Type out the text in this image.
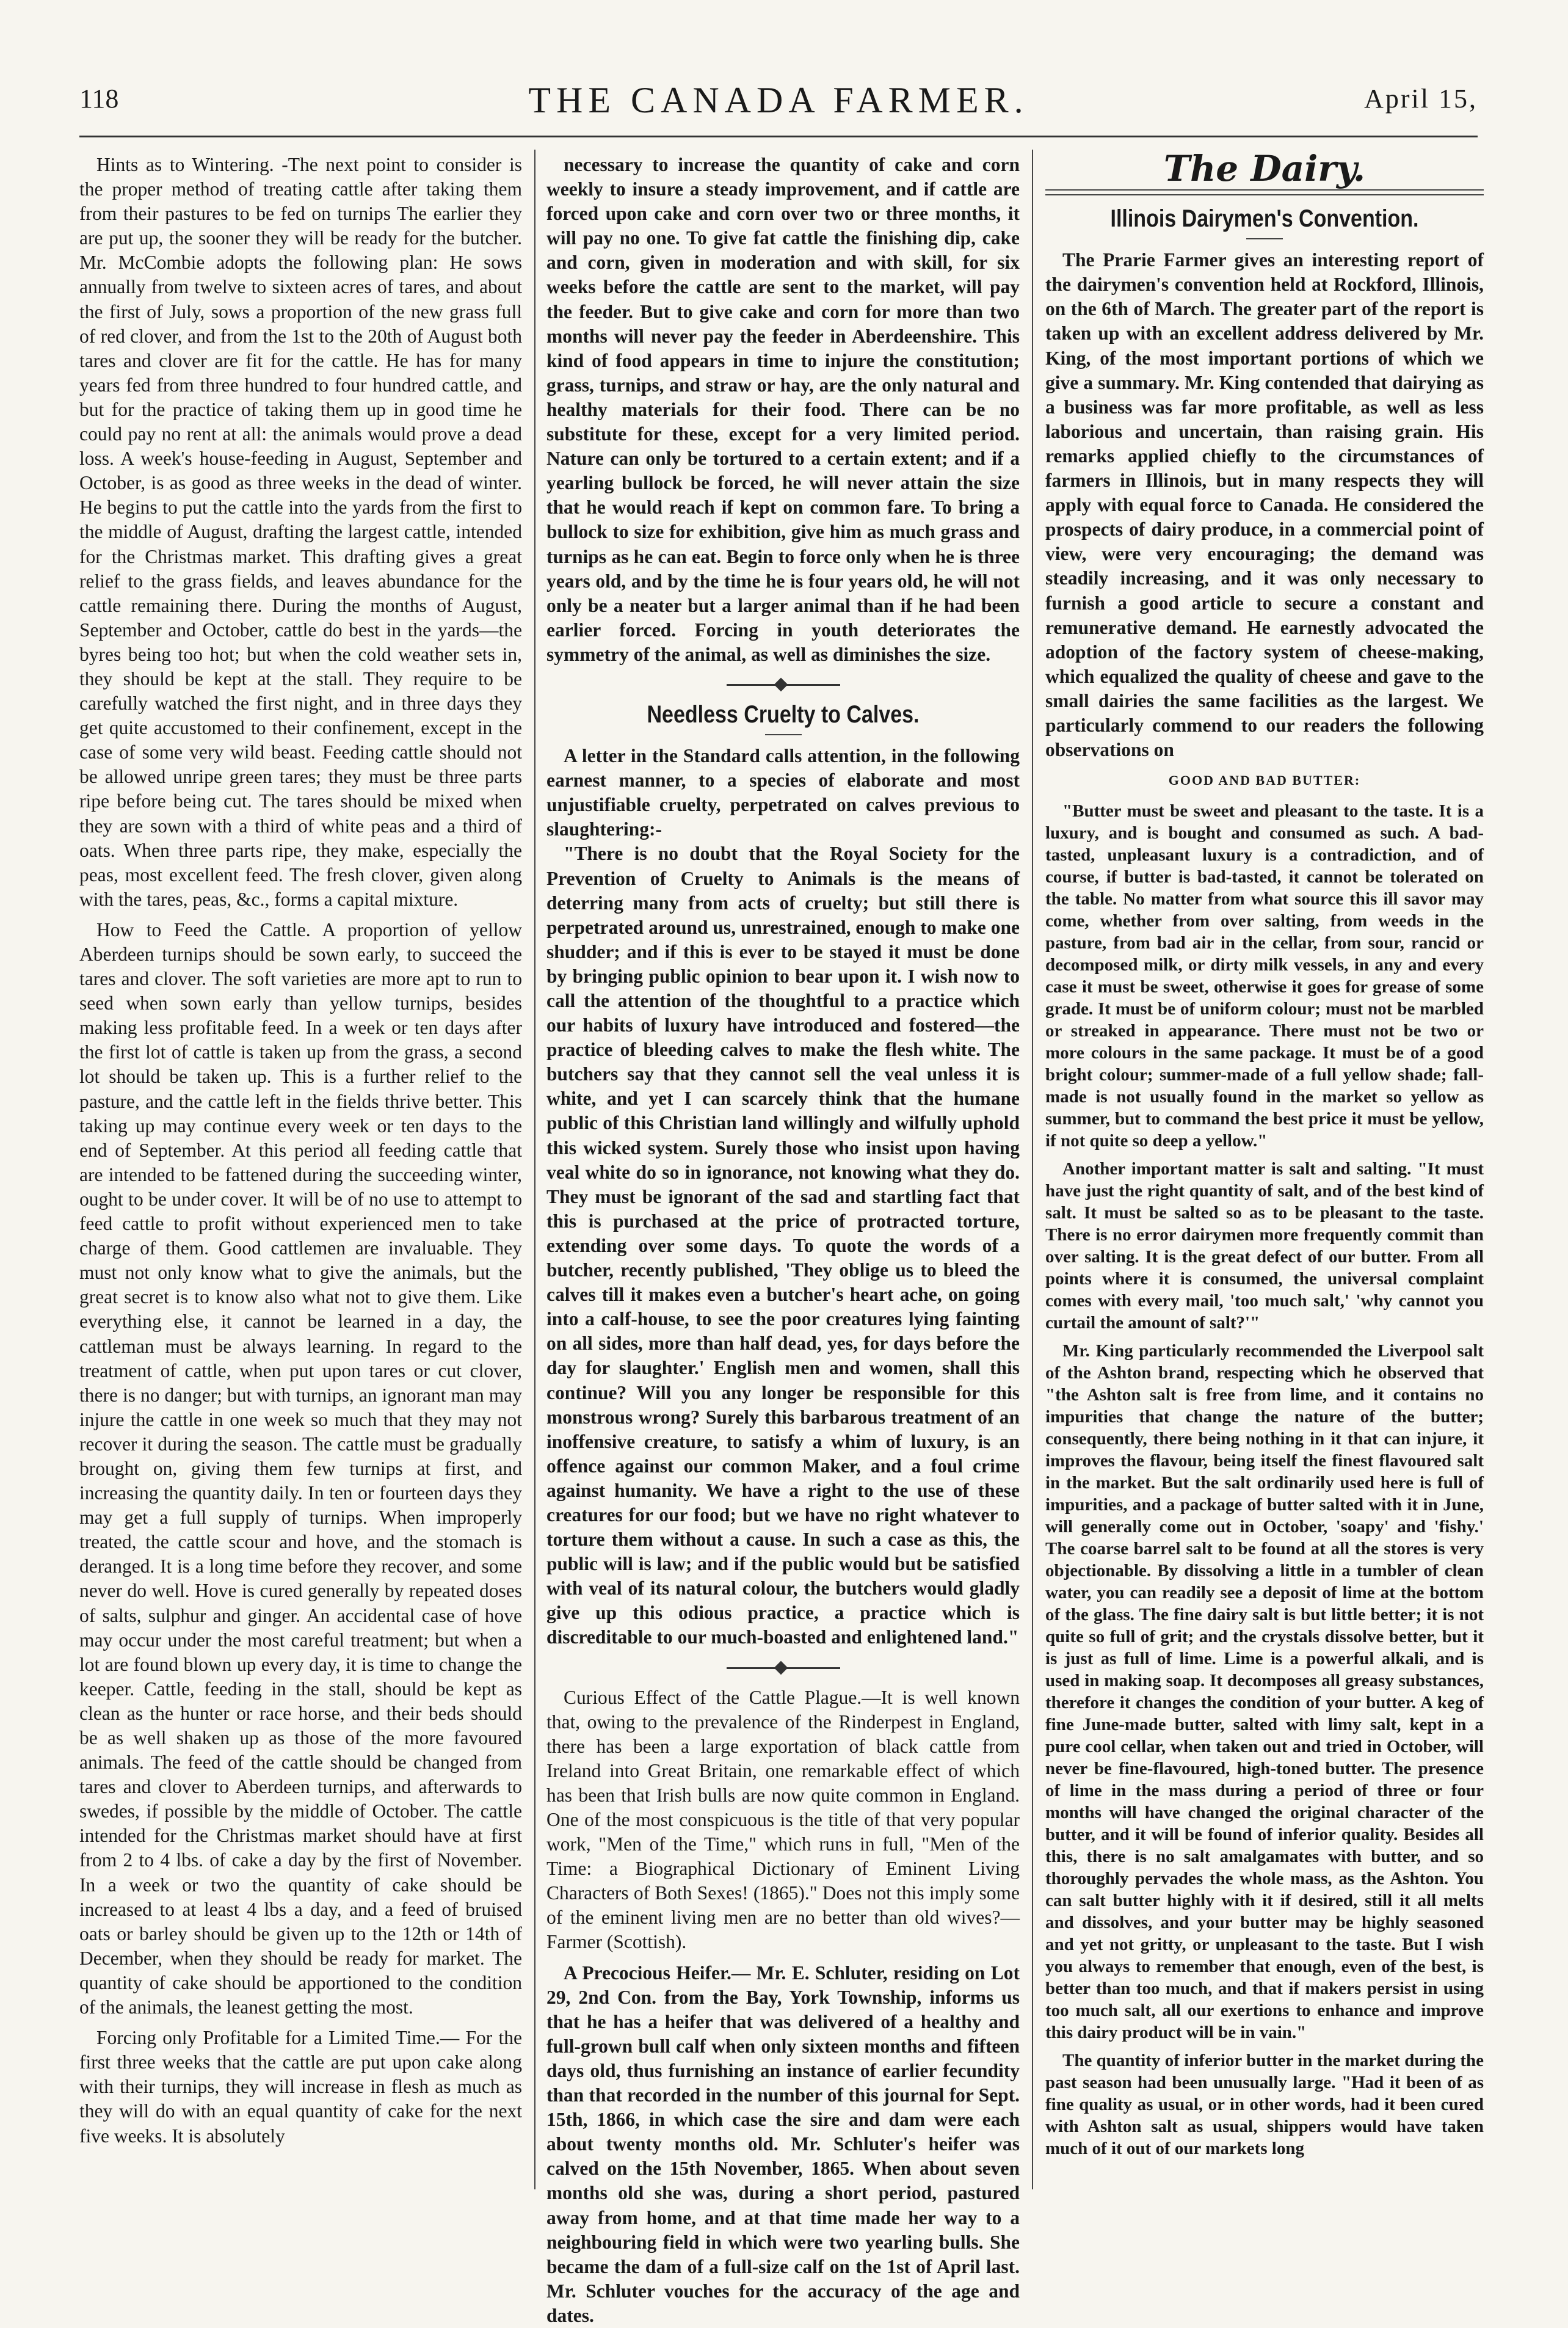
118	THE CANADA FARMER.	April 15,

Hints as to Wintering. -The next point to consider is the proper method of treating cattle after taking them from their pastures to be fed on turnips The earlier they are put up, the sooner they will be ready for the butcher. Mr. McCombie adopts the following plan: He sows annually from twelve to sixteen acres of tares, and about the first of July, sows a proportion of the new grass full of red clover, and from the 1st to the 20th of August both tares and clover are fit for the cattle. He has for many years fed from three hundred to four hundred cattle, and but for the practice of taking them up in good time he could pay no rent at all: the animals would prove a dead loss. A week's house-feeding in August, September and October, is as good as three weeks in the dead of winter. He begins to put the cattle into the yards from the first to the middle of August, drafting the largest cattle, intended for the Christmas market. This drafting gives a great relief to the grass fields, and leaves abundance for the cattle remaining there. During the months of August, September and October, cattle do best in the yards—the byres being too hot; but when the cold weather sets in, they should be kept at the stall. They require to be carefully watched the first night, and in three days they get quite accustomed to their confinement, except in the case of some very wild beast. Feeding cattle should not be allowed unripe green tares; they must be three parts ripe before being cut. The tares should be mixed when they are sown with a third of white peas and a third of oats. When three parts ripe, they make, especially the peas, most excellent feed. The fresh clover, given along with the tares, peas, &c., forms a capital mixture.

How to Feed the Cattle. A proportion of yellow Aberdeen turnips should be sown early, to succeed the tares and clover. The soft varieties are more apt to run to seed when sown early than yellow turnips, besides making less profitable feed. In a week or ten days after the first lot of cattle is taken up from the grass, a second lot should be taken up. This is a further relief to the pasture, and the cattle left in the fields thrive better. This taking up may continue every week or ten days to the end of September. At this period all feeding cattle that are intended to be fattened during the succeeding winter, ought to be under cover. It will be of no use to attempt to feed cattle to profit without experienced men to take charge of them. Good cattlemen are invaluable. They must not only know what to give the animals, but the great secret is to know also what not to give them. Like everything else, it cannot be learned in a day, the cattleman must be always learning. In regard to the treatment of cattle, when put upon tares or cut clover, there is no danger; but with turnips, an ignorant man may injure the cattle in one week so much that they may not recover it during the season. The cattle must be gradually brought on, giving them few turnips at first, and increasing the quantity daily. In ten or fourteen days they may get a full supply of turnips. When improperly treated, the cattle scour and hove, and the stomach is deranged. It is a long time before they recover, and some never do well. Hove is cured generally by repeated doses of salts, sulphur and ginger. An accidental case of hove may occur under the most careful treatment; but when a lot are found blown up every day, it is time to change the keeper. Cattle, feeding in the stall, should be kept as clean as the hunter or race horse, and their beds should be as well shaken up as those of the more favoured animals. The feed of the cattle should be changed from tares and clover to Aberdeen turnips, and afterwards to swedes, if possible by the middle of October. The cattle intended for the Christmas market should have at first from 2 to 4 lbs. of cake a day by the first of November. In a week or two the quantity of cake should be increased to at least 4 lbs a day, and a feed of bruised oats or barley should be given up to the 12th or 14th of December, when they should be ready for market. The quantity of cake should be apportioned to the condition of the animals, the leanest getting the most.

Forcing only Profitable for a Limited Time.— For the first three weeks that the cattle are put upon cake along with their turnips, they will increase in flesh as much as they will do with an equal quantity of cake for the next five weeks. It is absolutely

necessary to increase the quantity of cake and corn weekly to insure a steady improvement, and if cattle are forced upon cake and corn over two or three months, it will pay no one. To give fat cattle the finishing dip, cake and corn, given in moderation and with skill, for six weeks before the cattle are sent to the market, will pay the feeder. But to give cake and corn for more than two months will never pay the feeder in Aberdeenshire. This kind of food appears in time to injure the constitution; grass, turnips, and straw or hay, are the only natural and healthy materials for their food. There can be no substitute for these, except for a very limited period. Nature can only be tortured to a certain extent; and if a yearling bullock be forced, he will never attain the size that he would reach if kept on common fare. To bring a bullock to size for exhibition, give him as much grass and turnips as he can eat. Begin to force only when he is three years old, and by the time he is four years old, he will not only be a neater but a larger animal than if he had been earlier forced. Forcing in youth deteriorates the symmetry of the animal, as well as diminishes the size.

Needless Cruelty to Calves.

A letter in the Standard calls attention, in the following earnest manner, to a species of elaborate and most unjustifiable cruelty, perpetrated on calves previous to slaughtering:-

"There is no doubt that the Royal Society for the Prevention of Cruelty to Animals is the means of deterring many from acts of cruelty; but still there is perpetrated around us, unrestrained, enough to make one shudder; and if this is ever to be stayed it must be done by bringing public opinion to bear upon it. I wish now to call the attention of the thoughtful to a practice which our habits of luxury have introduced and fostered—the practice of bleeding calves to make the flesh white. The butchers say that they cannot sell the veal unless it is white, and yet I can scarcely think that the humane public of this Christian land willingly and wilfully uphold this wicked system. Surely those who insist upon having veal white do so in ignorance, not knowing what they do. They must be ignorant of the sad and startling fact that this is purchased at the price of protracted torture, extending over some days. To quote the words of a butcher, recently published, 'They oblige us to bleed the calves till it makes even a butcher's heart ache, on going into a calf-house, to see the poor creatures lying fainting on all sides, more than half dead, yes, for days before the day for slaughter.' English men and women, shall this continue? Will you any longer be responsible for this monstrous wrong? Surely this barbarous treatment of an inoffensive creature, to satisfy a whim of luxury, is an offence against our common Maker, and a foul crime against humanity. We have a right to the use of these creatures for our food; but we have no right whatever to torture them without a cause. In such a case as this, the public will is law; and if the public would but be satisfied with veal of its natural colour, the butchers would gladly give up this odious practice, a practice which is discreditable to our much-boasted and enlightened land."

Curious Effect of the Cattle Plague.—It is well known that, owing to the prevalence of the Rinderpest in England, there has been a large exportation of black cattle from Ireland into Great Britain, one remarkable effect of which has been that Irish bulls are now quite common in England. One of the most conspicuous is the title of that very popular work, "Men of the Time," which runs in full, "Men of the Time: a Biographical Dictionary of Eminent Living Characters of Both Sexes! (1865)." Does not this imply some of the eminent living men are no better than old wives?—Farmer (Scottish).

A Precocious Heifer.— Mr. E. Schluter, residing on Lot 29, 2nd Con. from the Bay, York Township, informs us that he has a heifer that was delivered of a healthy and full-grown bull calf when only sixteen months and fifteen days old, thus furnishing an instance of earlier fecundity than that recorded in the number of this journal for Sept. 15th, 1866, in which case the sire and dam were each about twenty months old. Mr. Schluter's heifer was calved on the 15th November, 1865. When about seven months old she was, during a short period, pastured away from home, and at that time made her way to a neighbouring field in which were two yearling bulls. She became the dam of a full-size calf on the 1st of April last. Mr. Schluter vouches for the accuracy of the age and dates.

The Dairy.
Illinois Dairymen's Convention.

The Prarie Farmer gives an interesting report of the dairymen's convention held at Rockford, Illinois, on the 6th of March. The greater part of the report is taken up with an excellent address delivered by Mr. King, of the most important portions of which we give a summary. Mr. King contended that dairying as a business was far more profitable, as well as less laborious and uncertain, than raising grain. His remarks applied chiefly to the circumstances of farmers in Illinois, but in many respects they will apply with equal force to Canada. He considered the prospects of dairy produce, in a commercial point of view, were very encouraging; the demand was steadily increasing, and it was only necessary to furnish a good article to secure a constant and remunerative demand. He earnestly advocated the adoption of the factory system of cheese-making, which equalized the quality of cheese and gave to the small dairies the same facilities as the largest. We particularly commend to our readers the following observations on

GOOD AND BAD BUTTER:

"Butter must be sweet and pleasant to the taste. It is a luxury, and is bought and consumed as such. A bad-tasted, unpleasant luxury is a contradiction, and of course, if butter is bad-tasted, it cannot be tolerated on the table. No matter from what source this ill savor may come, whether from over salting, from weeds in the pasture, from bad air in the cellar, from sour, rancid or decomposed milk, or dirty milk vessels, in any and every case it must be sweet, otherwise it goes for grease of some grade. It must be of uniform colour; must not be marbled or streaked in appearance. There must not be two or more colours in the same package. It must be of a good bright colour; summer-made of a full yellow shade; fall-made is not usually found in the market so yellow as summer, but to command the best price it must be yellow, if not quite so deep a yellow."

Another important matter is salt and salting. "It must have just the right quantity of salt, and of the best kind of salt. It must be salted so as to be pleasant to the taste. There is no error dairymen more frequently commit than over salting. It is the great defect of our butter. From all points where it is consumed, the universal complaint comes with every mail, 'too much salt,' 'why cannot you curtail the amount of salt?'"

Mr. King particularly recommended the Liverpool salt of the Ashton brand, respecting which he observed that "the Ashton salt is free from lime, and it contains no impurities that change the nature of the butter; consequently, there being nothing in it that can injure, it improves the flavour, being itself the finest flavoured salt in the market. But the salt ordinarily used here is full of impurities, and a package of butter salted with it in June, will generally come out in October, 'soapy' and 'fishy.' The coarse barrel salt to be found at all the stores is very objectionable. By dissolving a little in a tumbler of clean water, you can readily see a deposit of lime at the bottom of the glass. The fine dairy salt is but little better; it is not quite so full of grit; and the crystals dissolve better, but it is just as full of lime. Lime is a powerful alkali, and is used in making soap. It decomposes all greasy substances, therefore it changes the condition of your butter. A keg of fine June-made butter, salted with limy salt, kept in a pure cool cellar, when taken out and tried in October, will never be fine-flavoured, high-toned butter. The presence of lime in the mass during a period of three or four months will have changed the original character of the butter, and it will be found of inferior quality. Besides all this, there is no salt amalgamates with butter, and so thoroughly pervades the whole mass, as the Ashton. You can salt butter highly with it if desired, still it all melts and dissolves, and your butter may be highly seasoned and yet not gritty, or unpleasant to the taste. But I wish you always to remember that enough, even of the best, is better than too much, and that if makers persist in using too much salt, all our exertions to enhance and improve this dairy product will be in vain."

The quantity of inferior butter in the market during the past season had been unusually large. "Had it been of as fine quality as usual, or in other words, had it been cured with Ashton salt as usual, shippers would have taken much of it out of our markets long
